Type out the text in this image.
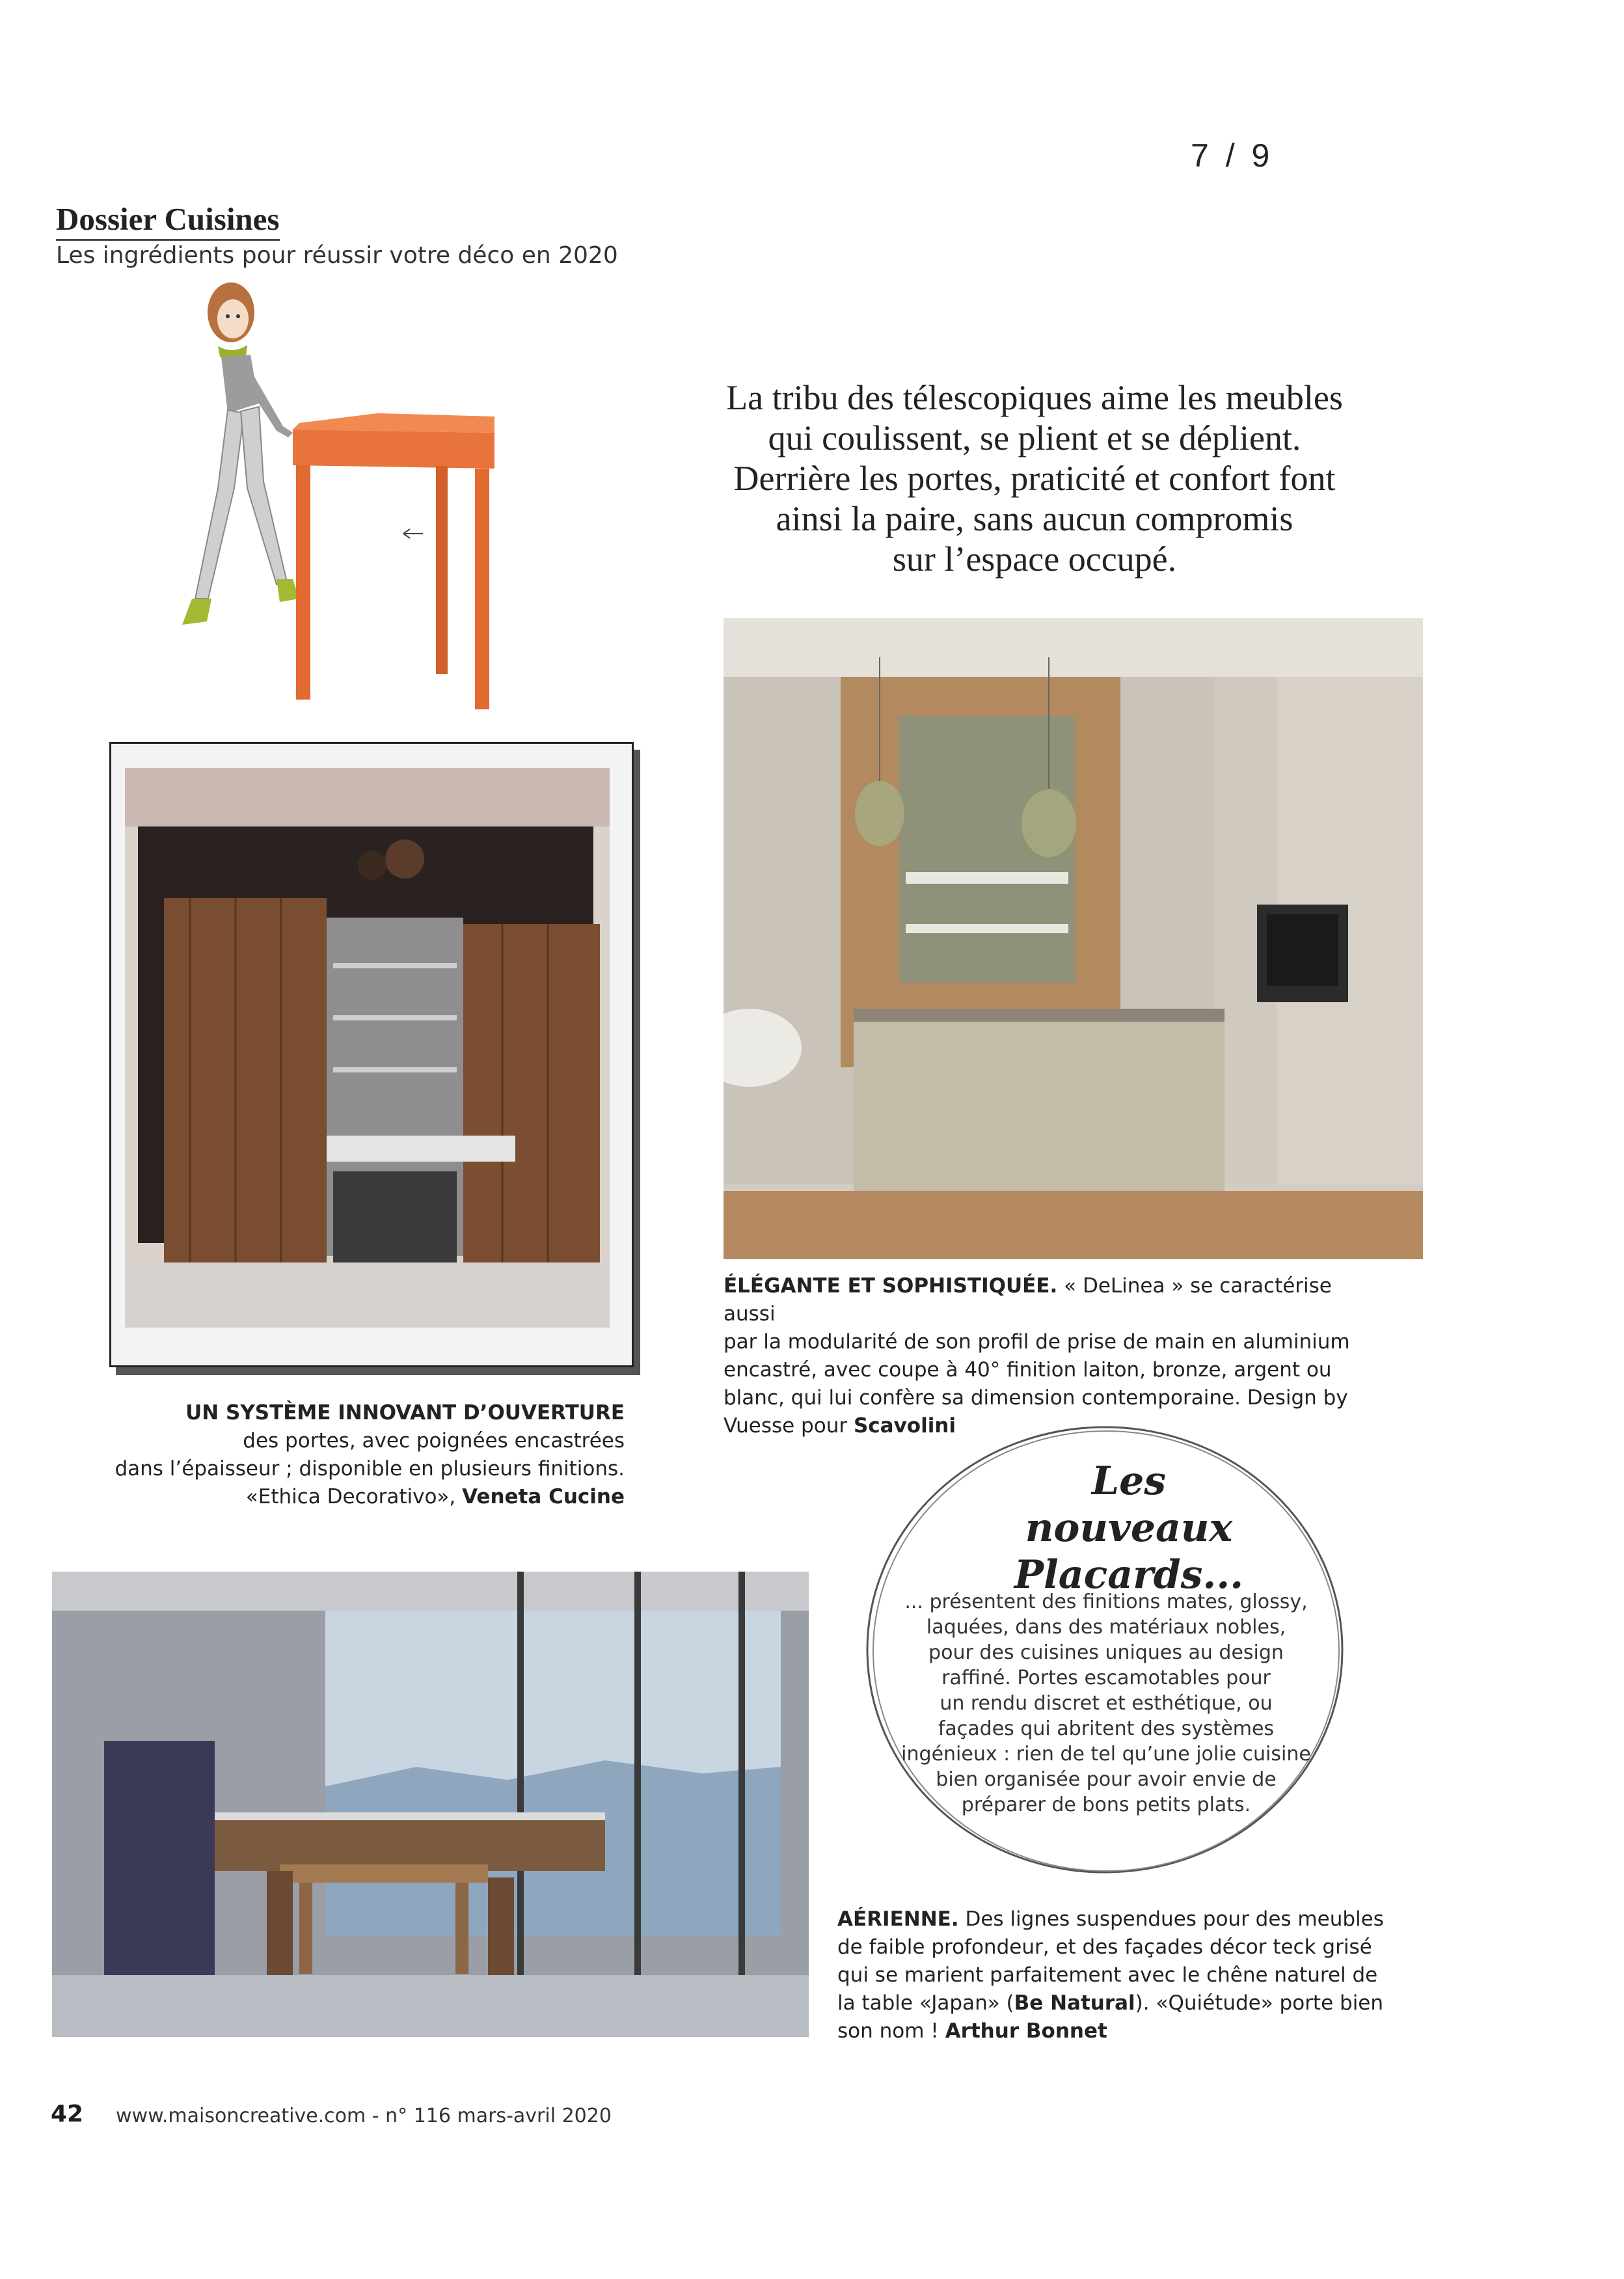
7 / 9
Dossier Cuisines
Les ingrédients pour réussir votre déco en 2020
La tribu des télescopiques aime les meubles
qui coulissent, se plient et se déplient.
Derrière les portes, praticité et confort font
ainsi la paire, sans aucun compromis
sur l’espace occupé.
UN SYSTÈME INNOVANT D’OUVERTURE
des portes, avec poignées encastrées
dans l’épaisseur ; disponible en plusieurs finitions.
«Ethica Decorativo», Veneta Cucine
ÉLÉGANTE ET SOPHISTIQUÉE. « DeLinea » se caractérise aussi
par la modularité de son profil de prise de main en aluminium
encastré, avec coupe à 40° finition laiton, bronze, argent ou
blanc, qui lui confère sa dimension contemporaine. Design by
Vuesse pour Scavolini
Les nouveaux
Placards...
... présentent des finitions mates, glossy,
laquées, dans des matériaux nobles,
pour des cuisines uniques au design
raffiné. Portes escamotables pour
un rendu discret et esthétique, ou
façades qui abritent des systèmes
ingénieux : rien de tel qu’une jolie cuisine
bien organisée pour avoir envie de
préparer de bons petits plats.
AÉRIENNE. Des lignes suspendues pour des meubles
de faible profondeur, et des façades décor teck grisé
qui se marient parfaitement avec le chêne naturel de
la table «Japan» (Be Natural). «Quiétude» porte bien
son nom ! Arthur Bonnet
42 www.maisoncreative.com - n° 116 mars-avril 2020
